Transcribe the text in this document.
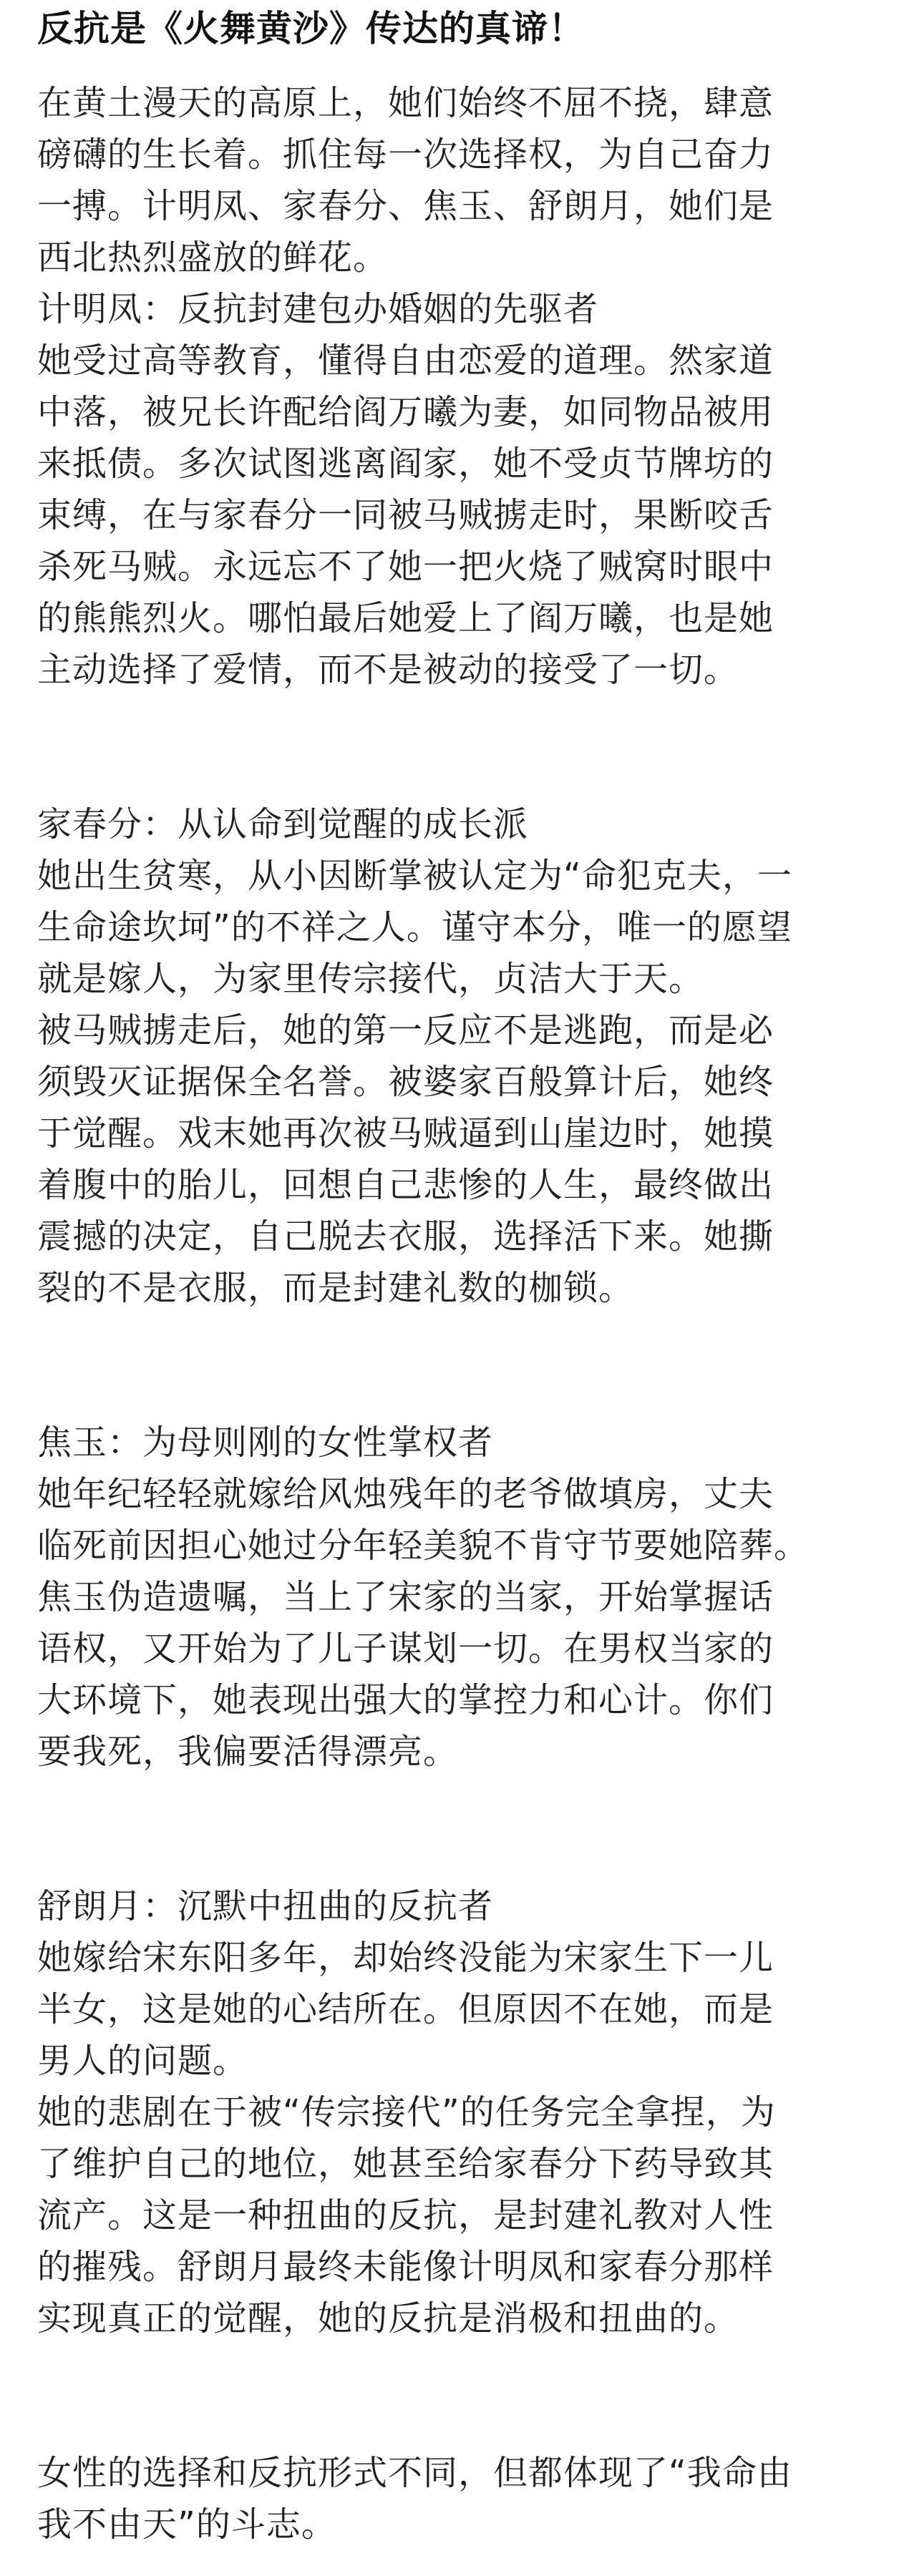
反抗是《火舞黄沙》传达的真谛！

在黄土漫天的高原上，她们始终不屈不挠，肆意

磅礴的生长着。抓住每一次选择权，为自己奋力

一搏。计明凤、家春分、焦玉、舒朗月，她们是

西北热烈盛放的鲜花。

计明凤：反抗封建包办婚姻的先驱者

她受过高等教育，懂得自由恋爱的道理。然家道

中落，被兄长许配给阎万曦为妻，如同物品被用

来抵债。多次试图逃离阎家，她不受贞节牌坊的

束缚，在与家春分一同被马贼掳走时，果断咬舌

杀死马贼。永远忘不了她一把火烧了贼窝时眼中

的熊熊烈火。哪怕最后她爱上了阎万曦，也是她

主动选择了爱情，而不是被动的接受了一切。

家春分：从认命到觉醒的成长派

她出生贫寒，从小因断掌被认定为“命犯克夫，一

生命途坎坷”的不祥之人。谨守本分，唯一的愿望

就是嫁人，为家里传宗接代，贞洁大于天。

被马贼掳走后，她的第一反应不是逃跑，而是必

须毁灭证据保全名誉。被婆家百般算计后，她终

于觉醒。戏末她再次被马贼逼到山崖边时，她摸

着腹中的胎儿，回想自己悲惨的人生，最终做出

震撼的决定，自己脱去衣服，选择活下来。她撕

裂的不是衣服，而是封建礼数的枷锁。

焦玉：为母则刚的女性掌权者

她年纪轻轻就嫁给风烛残年的老爷做填房，丈夫

临死前因担心她过分年轻美貌不肯守节要她陪葬。

焦玉伪造遗嘱，当上了宋家的当家，开始掌握话

语权，又开始为了儿子谋划一切。在男权当家的

大环境下，她表现出强大的掌控力和心计。你们

要我死，我偏要活得漂亮。

舒朗月：沉默中扭曲的反抗者

她嫁给宋东阳多年，却始终没能为宋家生下一儿

半女，这是她的心结所在。但原因不在她，而是

男人的问题。

她的悲剧在于被“传宗接代”的任务完全拿捏，为

了维护自己的地位，她甚至给家春分下药导致其

流产。这是一种扭曲的反抗，是封建礼教对人性

的摧残。舒朗月最终未能像计明凤和家春分那样

实现真正的觉醒，她的反抗是消极和扭曲的。

女性的选择和反抗形式不同，但都体现了“我命由

我不由天”的斗志。
